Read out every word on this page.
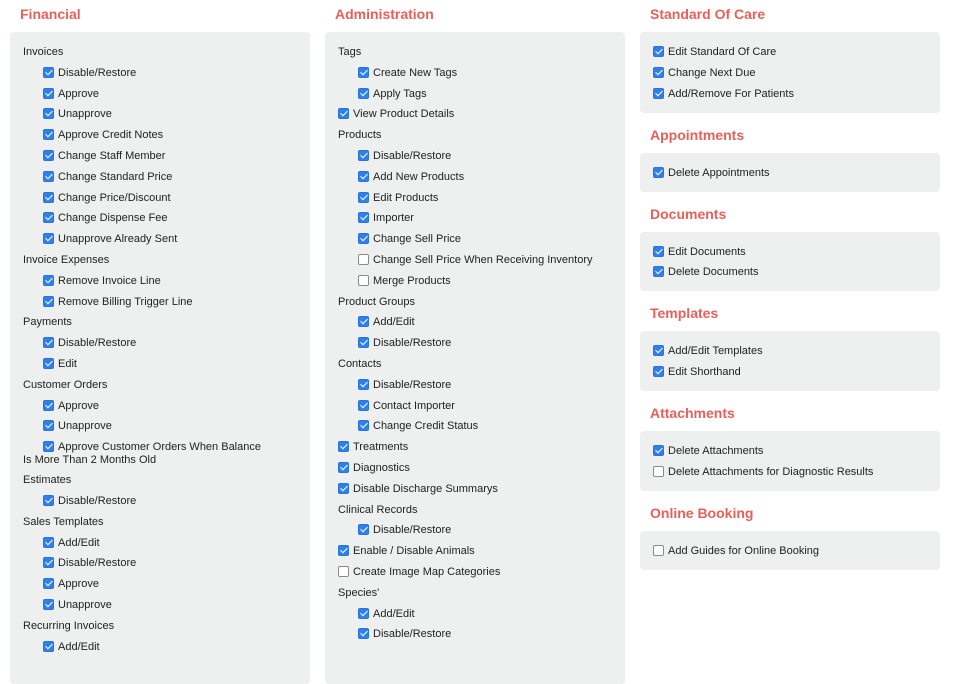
Financial
Invoices
Disable/Restore
Approve
Unapprove
Approve Credit Notes
Change Staff Member
Change Standard Price
Change Price/Discount
Change Dispense Fee
Unapprove Already Sent
Invoice Expenses
Remove Invoice Line
Remove Billing Trigger Line
Payments
Disable/Restore
Edit
Customer Orders
Approve
Unapprove
Approve Customer Orders When Balance Is More Than 2 Months Old
Estimates
Disable/Restore
Sales Templates
Add/Edit
Disable/Restore
Approve
Unapprove
Recurring Invoices
Add/Edit
Administration
Tags
Create New Tags
Apply Tags
View Product Details
Products
Disable/Restore
Add New Products
Edit Products
Importer
Change Sell Price
Change Sell Price When Receiving Inventory
Merge Products
Product Groups
Add/Edit
Disable/Restore
Contacts
Disable/Restore
Contact Importer
Change Credit Status
Treatments
Diagnostics
Disable Discharge Summarys
Clinical Records
Disable/Restore
Enable / Disable Animals
Create Image Map Categories
Species'
Add/Edit
Disable/Restore
Standard Of Care
Edit Standard Of Care
Change Next Due
Add/Remove For Patients
Appointments
Delete Appointments
Documents
Edit Documents
Delete Documents
Templates
Add/Edit Templates
Edit Shorthand
Attachments
Delete Attachments
Delete Attachments for Diagnostic Results
Online Booking
Add Guides for Online Booking
